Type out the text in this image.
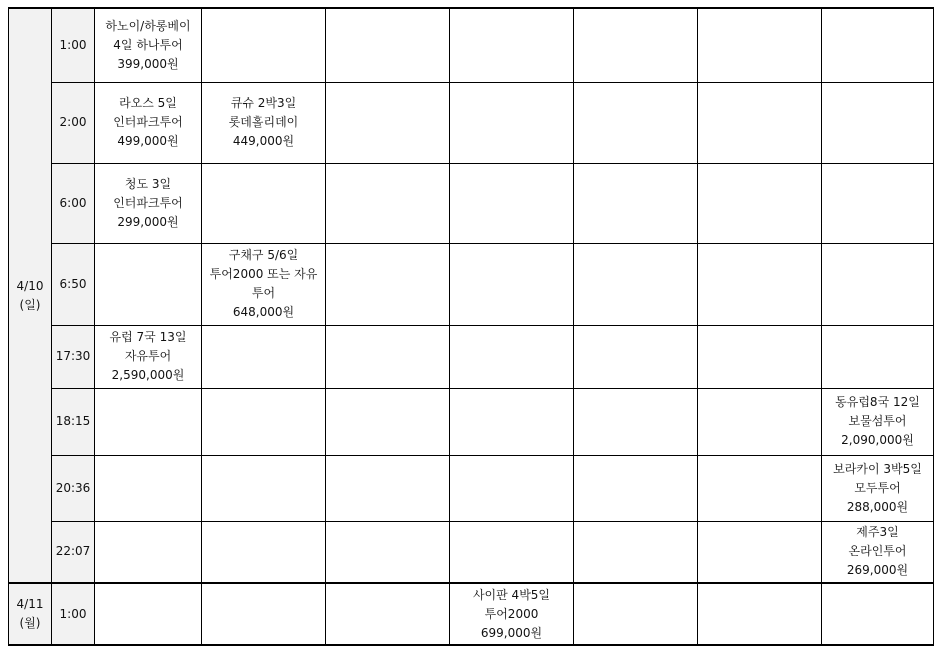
4/10
(일)	1:00	하노이/하롱베이
4일 하나투어
399,000원						

	2:00	라오스 5일
인터파크투어
499,000원	큐슈 2박3일
롯데홀리데이
449,000원					

	6:00	청도 3일
인터파크투어
299,000원						

	6:50		구채구 5/6일
투어2000 또는 자유
투어
648,000원					

	17:30	유럽 7국 13일
자유투어
2,590,000원						

	18:15							동유럽8국 12일
보물섬투어
2,090,000원

	20:36							보라카이 3박5일
모두투어
288,000원

	22:07							제주3일
온라인투어
269,000원

4/11
(월)	1:00				사이판 4박5일
투어2000
699,000원			
